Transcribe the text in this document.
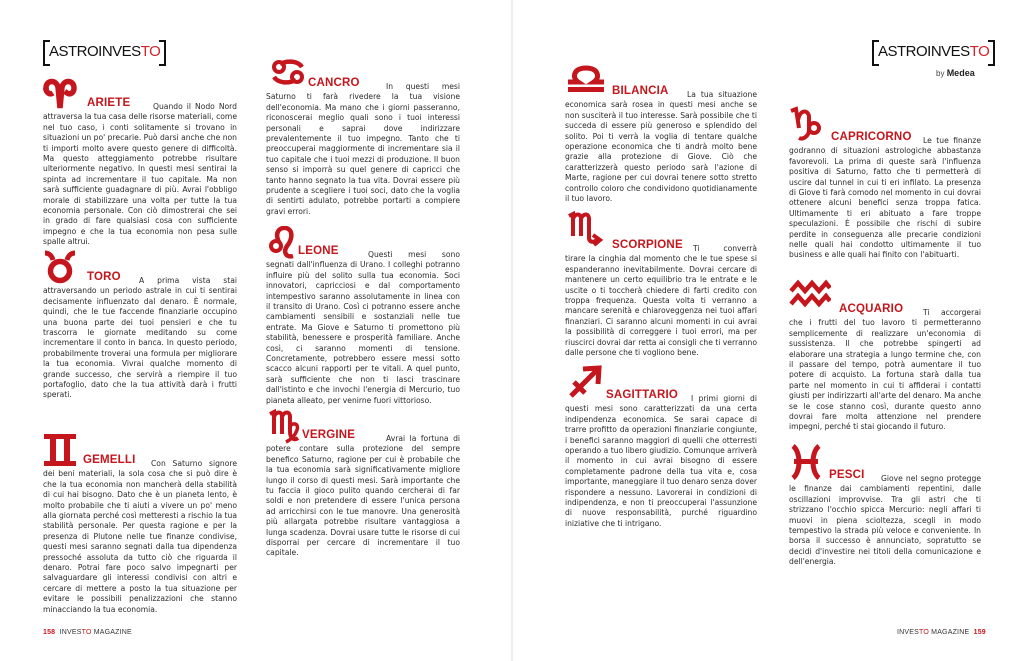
ASTROINVES TO	ASTROINVES TO
by Medea
ARIETE	Quando il Nodo Nord attraversa la tua casa delle risorse materiali, come nel tuo caso, i conti solitamente si trovano in situazioni un po' precarie. Può darsi anche che non ti importi molto avere questo genere di difficoltà. Ma questo atteggiamento potrebbe risultare ulteriormente negativo. In questi mesi sentirai la spinta ad incrementare il tuo capitale. Ma non sarà sufficiente guadagnare di più. Avrai l'obbligo morale di stabilizzare una volta per tutte la tua economia personale. Con ciò dimostrerai che sei in grado di fare qualsiasi cosa con sufficiente impegno e che la tua economia non pesa sulle spalle altrui.
TORO A prima vista stai attraversando un periodo astrale in cui ti sentirai decisamente influenzato dal denaro. È normale, quindi, che le tue faccende finanziarie occupino una buona parte dei tuoi pensieri e che tu trascorra le giornate meditando su come incrementare il conto in banca. In questo periodo, probabilmente troverai una formula per migliorare la tua economia. Vivrai qualche momento di grande successo, che servirà a riempire il tuo portafoglio, dato che la tua attività darà i frutti sperati.
GEMELLI Con Saturno signore dei beni materiali, la sola cosa che si può dire è che la tua economia non mancherà della stabilità di cui hai bisogno. Dato che è un pianeta lento, è molto probabile che ti aiuti a vivere un po' meno alla giornata perché così metteresti a rischio la tua stabilità personale. Per questa ragione e per la presenza di Plutone nelle tue finanze condivise, questi mesi saranno segnati dalla tua dipendenza pressoché assoluta da tutto ciò che riguarda il denaro. Potrai fare poco salvo impegnarti per salvaguardare gli interessi condivisi con altri e cercare di mettere a posto la tua situazione per evitare le possibili penalizzazioni che stanno minacciando la tua economia.
CANCRO	In questi mesi Saturno ti farà rivedere la tua visione dell'economia. Ma mano che i giorni passeranno, riconoscerai meglio quali sono i tuoi interessi personali e saprai dove indirizzare prevalentemente il tuo impegno. Tanto che ti preoccuperai maggiormente di incrementare sia il tuo capitale che i tuoi mezzi di produzione. Il buon senso si imporrà su quel genere di capricci che tanto hanno segnato la tua vita. Dovrai essere più prudente a scegliere i tuoi soci, dato che la voglia di sentirti adulato, potrebbe portarti a compiere gravi errori.
LEONE	Questi mesi sono segnati dall'influenza di Urano. I colleghi potranno influire più del solito sulla tua economia. Soci innovatori, capricciosi e dal comportamento intempestivo saranno assolutamente in linea con il transito di Urano. Così ci potranno essere anche cambiamenti sensibili e sostanziali nelle tue entrate. Ma Giove e Saturno ti promettono più stabilità, benessere e prosperità familiare. Anche così, ci saranno momenti di tensione. Concretamente, potrebbero essere messi sotto scacco alcuni rapporti per te vitali. A quel punto, sarà sufficiente che non ti lasci trascinare dall'istinto e che invochi l'energia di Mercurio, tuo pianeta alleato, per venirne fuori vittorioso.
VERGINE	Avrai la fortuna di potere contare sulla protezione del sempre benefico Saturno, ragione per cui è probabile che la tua economia sarà significativamente migliore lungo il corso di questi mesi. Sarà importante che tu faccia il gioco pulito quando cercherai di far soldi e non pretendere di essere l'unica persona ad arricchirsi con le tue manovre. Una generosità più allargata potrebbe risultare vantaggiosa a lunga scadenza. Dovrai usare tutte le risorse di cui disporrai per cercare di incrementare il tuo capitale.
BILANCIA La tua situazione economica sarà rosea in questi mesi anche se non susciterà il tuo interesse. Sarà possibile che ti succeda di essere più generoso e splendido del solito. Poi ti verrà la voglia di tentare qualche operazione economica che ti andrà molto bene grazie alla protezione di Giove. Ciò che caratterizzerà questo periodo sarà l'azione di Marte, ragione per cui dovrai tenere sotto stretto controllo coloro che condividono quotidianamente il tuo lavoro.
SCORPIONE Ti converrà tirare la cinghia dal momento che le tue spese si espanderanno inevitabilmente. Dovrai cercare di mantenere un certo equilibrio tra le entrate e le uscite o ti toccherà chiedere di farti credito con troppa frequenza. Questa volta ti verranno a mancare serenità e chiaroveggenza nei tuoi affari finanziari. Ci saranno alcuni momenti in cui avrai la possibilità di correggere i tuoi errori, ma per riuscirci dovrai dar retta ai consigli che ti verranno dalle persone che ti vogliono bene.
SAGITTARIO I primi giorni di questi mesi sono caratterizzati da una certa indipendenza economica. Se sarai capace di trarre profitto da operazioni finanziarie congiunte, i benefici saranno maggiori di quelli che otterresti operando a tuo libero giudizio. Comunque arriverà il momento in cui avrai bisogno di essere completamente padrone della tua vita e, cosa importante, maneggiare il tuo denaro senza dover rispondere a nessuno. Lavorerai in condizioni di indipendenza, e non ti preoccuperai l'assunzione di nuove responsabilità, purché riguardino iniziative che ti intrigano.
CAPRICORNO Le tue finanze godranno di situazioni astrologiche abbastanza favorevoli. La prima di queste sarà l'influenza positiva di Saturno, fatto che ti permetterà di uscire dal tunnel in cui ti eri infilato. La presenza di Giove ti farà comodo nel momento in cui dovrai ottenere alcuni benefici senza troppa fatica. Ultimamente ti eri abituato a fare troppe speculazioni. È possibile che rischi di subire perdite in conseguenza alle precarie condizioni nelle quali hai condotto ultimamente il tuo business e alle quali hai finito con l'abituarti.
ACQUARIO	Ti accorgerai che i frutti del tuo lavoro ti permetteranno semplicemente di realizzare un'economia di sussistenza. Il che potrebbe spingerti ad elaborare una strategia a lungo termine che, con il passare del tempo, potrà aumentare il tuo potere di acquisto. La fortuna starà dalla tua parte nel momento in cui ti affiderai i contatti giusti per indirizzarti all'arte del denaro. Ma anche se le cose stanno così, durante questo anno dovrai fare molta attenzione nel prendere impegni, perché ti stai giocando il futuro.
PESCI Giove nel segno protegge le finanze dai cambiamenti repentini, dalle oscillazioni improvvise. Tra gli astri che ti strizzano l'occhio spicca Mercurio: negli affari ti muovi in piena scioltezza, scegli in modo tempestivo la strada più veloce e conveniente. In borsa il successo è annunciato, sopratutto se decidi d'investire nei titoli della comunicazione e dell'energia.
158 INVESTO MAGAZINE	INVESTO MAGAZINE 159
